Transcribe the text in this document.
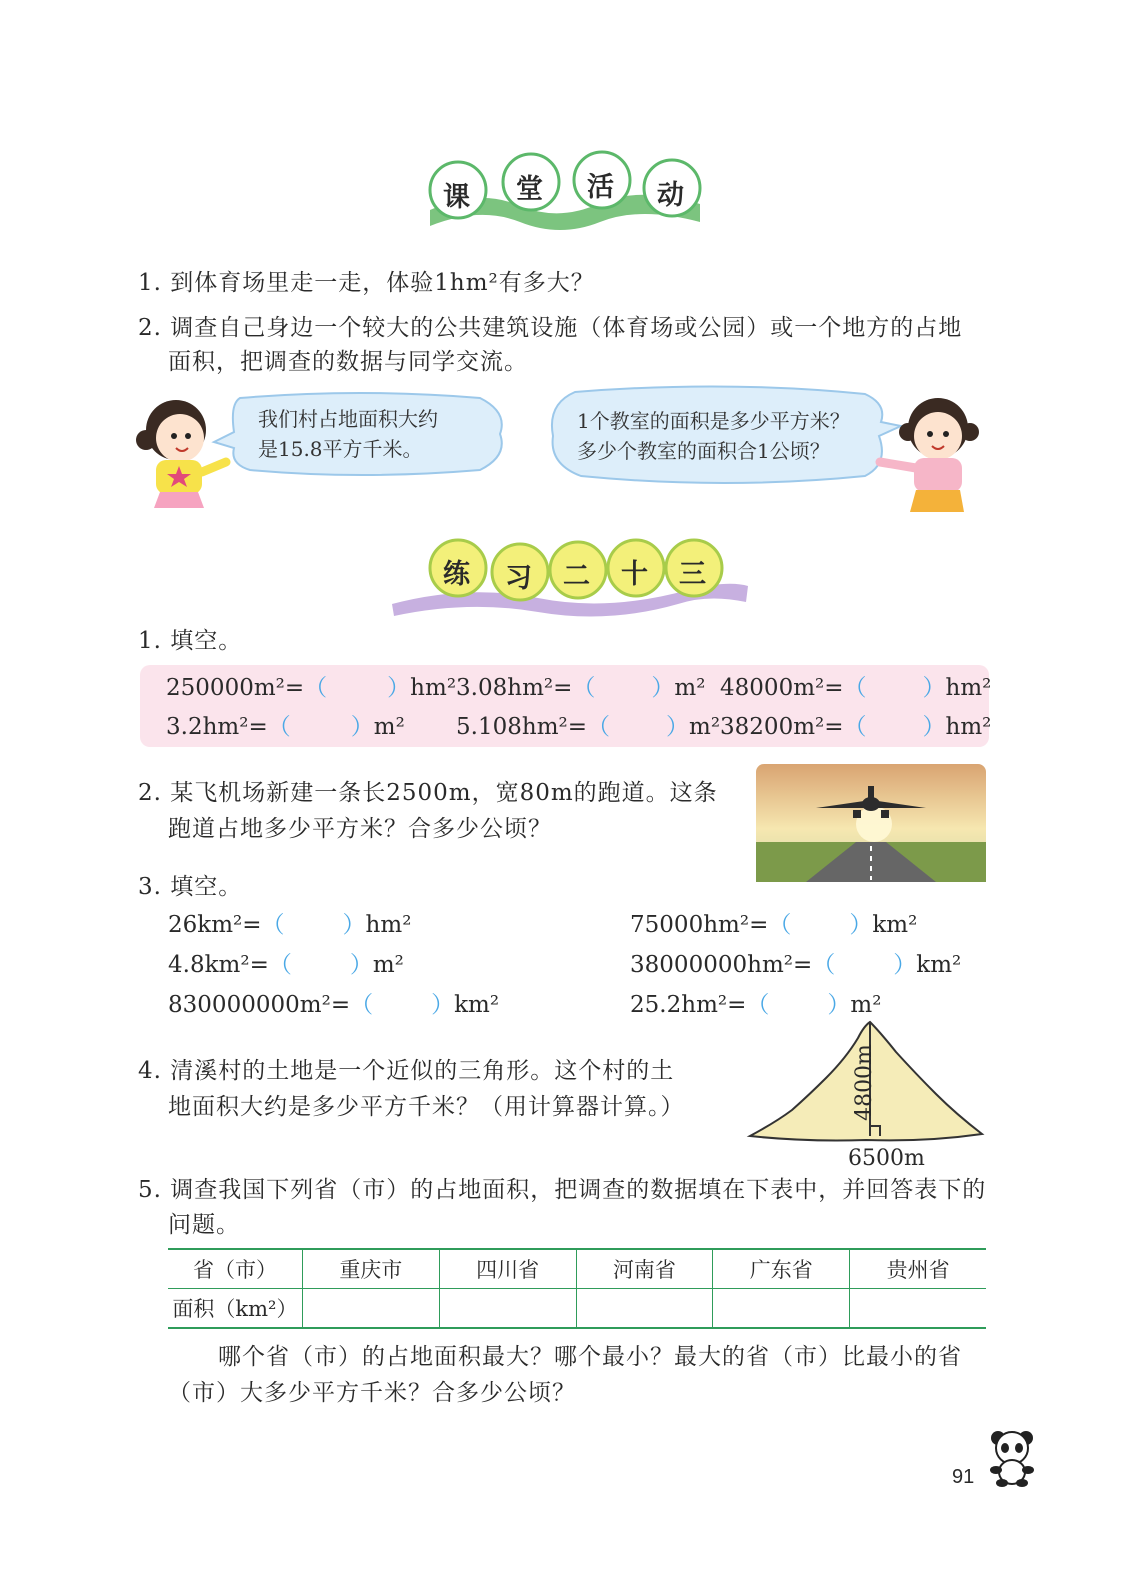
课 堂 活 动
1. 到体育场里走一走，体验1hm²有多大？
2. 调查自己身边一个较大的公共建筑设施（体育场或公园）或一个地方的占地
面积，把调查的数据与同学交流。
我们村占地面积大约
是15.8平方千米。
1个教室的面积是多少平方米？
多少个教室的面积合1公顷？
练 习 二 十 三
1. 填空。
250000m²=（	）hm² 3.08hm²=（ ）m² 48000m²=（ ）hm²
3.2hm²=（	）m² 5.108hm²=（ ）m² 38200m²=（ ）hm²
2. 某飞机场新建一条长2500m，宽80m的跑道。这条
跑道占地多少平方米？合多少公顷？
3. 填空。
26km²=（	）hm²
4.8km²=（	）m²
830000000m²=（	）km²
75000hm²=（	）km²
38000000hm²=（	）km²
25.2hm²=（	）m²
4. 清溪村的土地是一个近似的三角形。这个村的土
地面积大约是多少平方千米？（用计算器计算。）	4800m
6500m
5. 调查我国下列省（市）的占地面积，把调查的数据填在下表中，并回答表下的
问题。
省（市）	重庆市	四川省	河南省	广东省	贵州省
面积（km²）					
哪个省（市）的占地面积最大？哪个最小？最大的省（市）比最小的省
（市）大多少平方千米？合多少公顷？
91
